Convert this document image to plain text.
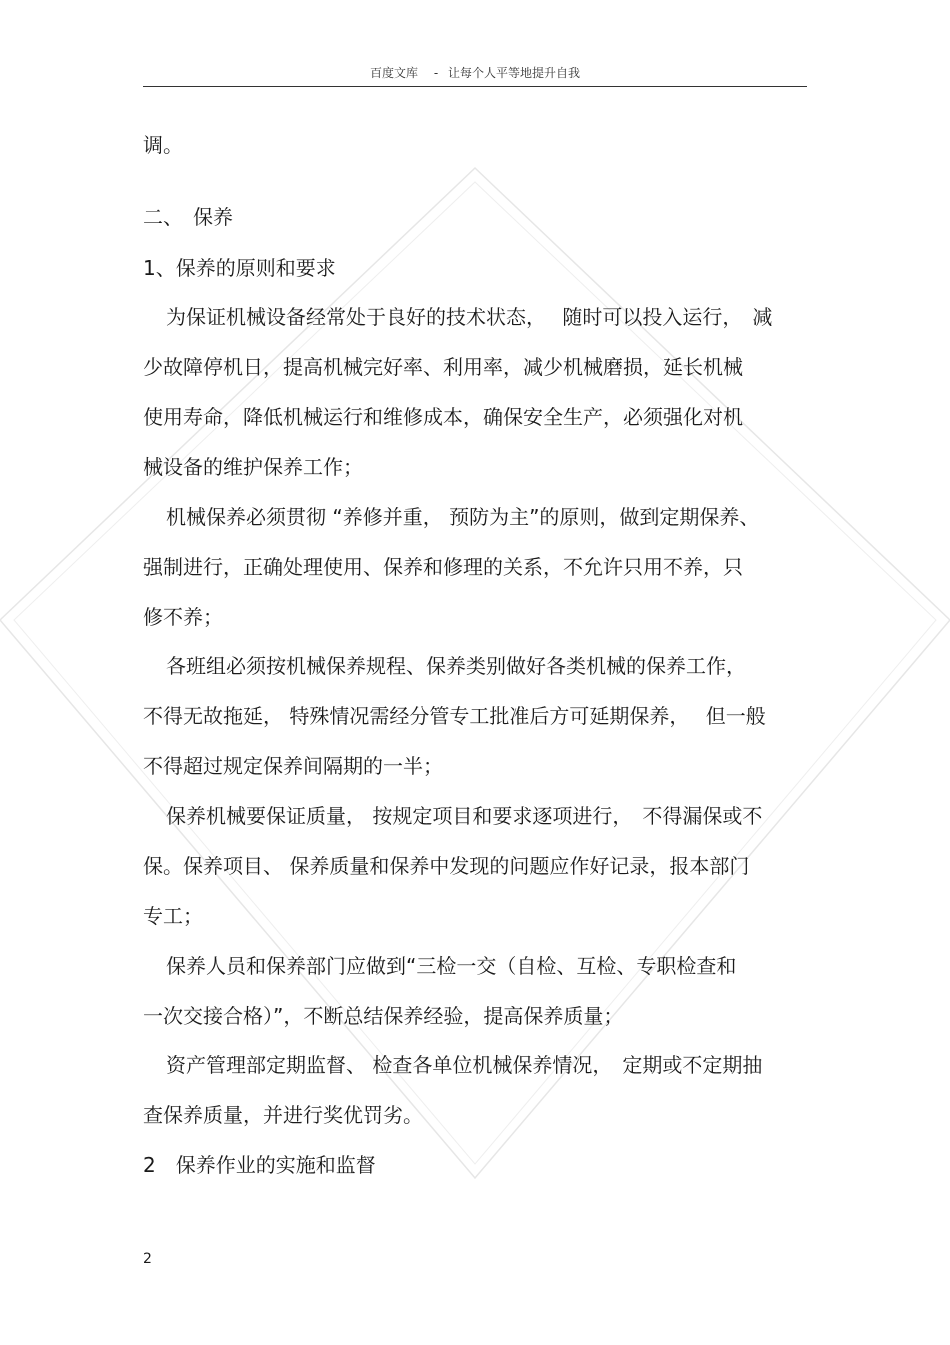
百度文库 - 让每个人平等地提升自我
调。
二、　保养
1、保养的原则和要求
为保证机械设备经常处于良好的技术状态，　 随时可以投入运行，　减
少故障停机日，提高机械完好率、利用率，减少机械磨损，延长机械
使用寿命，降低机械运行和维修成本，确保安全生产，必须强化对机
械设备的维护保养工作；
机械保养必须贯彻 “养修并重， 预防为主”的原则，做到定期保养、
强制进行，正确处理使用、保养和修理的关系，不允许只用不养，只
修不养；
各班组必须按机械保养规程、保养类别做好各类机械的保养工作，
不得无故拖延， 特殊情况需经分管专工批准后方可延期保养，　 但一般
不得超过规定保养间隔期的一半；
保养机械要保证质量， 按规定项目和要求逐项进行，　不得漏保或不
保。保养项目、 保养质量和保养中发现的问题应作好记录，报本部门
专工；
保养人员和保养部门应做到“三检一交（自检、互检、专职检查和
一次交接合格）”，不断总结保养经验，提高保养质量；
资产管理部定期监督、 检查各单位机械保养情况，　定期或不定期抽
查保养质量，并进行奖优罚劣。
2　保养作业的实施和监督
2
